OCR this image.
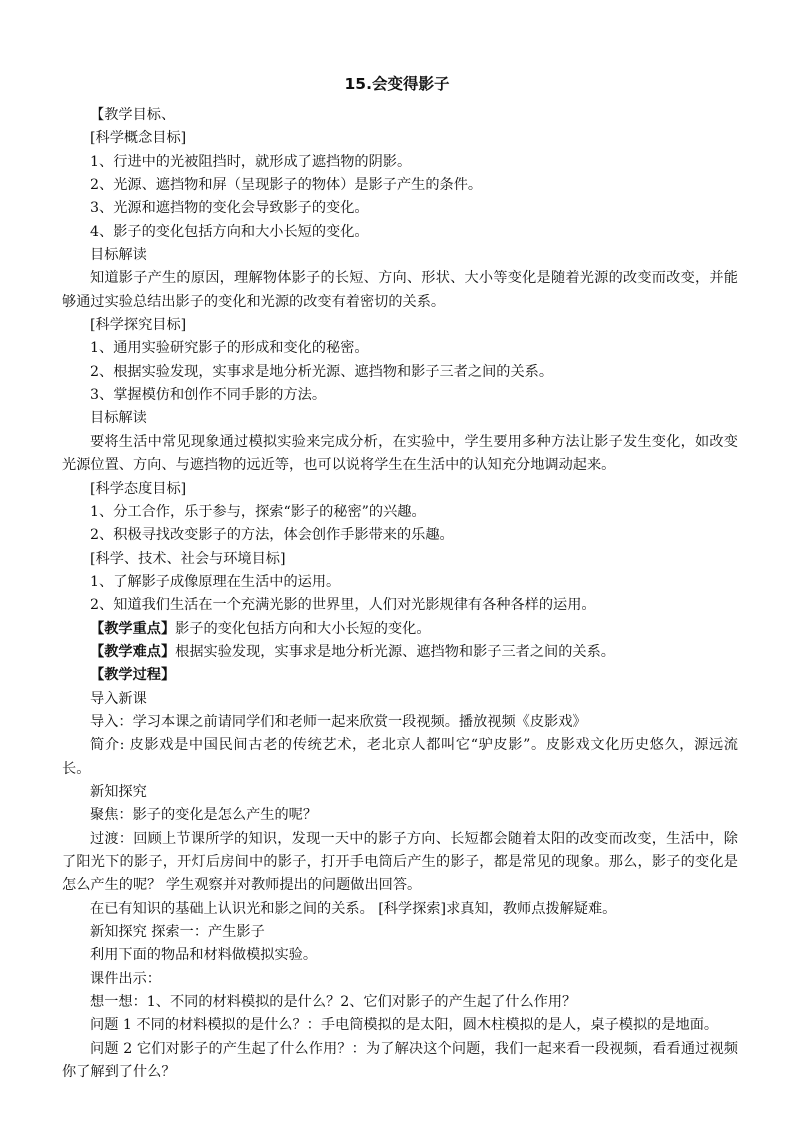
15.会变得影子

【教学目标、

[科学概念目标]

1、行进中的光被阻挡时，就形成了遮挡物的阴影。

2、光源、遮挡物和屏（呈现影子的物体）是影子产生的条件。

3、光源和遮挡物的变化会导致影子的变化。

4、影子的变化包括方向和大小长短的变化。

目标解读

知道影子产生的原因，理解物体影子的长短、方向、形状、大小等变化是随着光源的改变而改变，并能够通过实验总结出影子的变化和光源的改变有着密切的关系。

[科学探究目标]

1、通用实验研究影子的形成和变化的秘密。

2、根据实验发现，实事求是地分析光源、遮挡物和影子三者之间的关系。

3、掌握模仿和创作不同手影的方法。

目标解读

要将生活中常见现象通过模拟实验来完成分析，在实验中，学生要用多种方法让影子发生变化，如改变 光源位置、方向、与遮挡物的远近等，也可以说将学生在生活中的认知充分地调动起来。

[科学态度目标]

1、分工合作，乐于参与，探索“影子的秘密”的兴趣。

2、积极寻找改变影子的方法，体会创作手影带来的乐趣。

[科学、技术、社会与环境目标]

1、了解影子成像原理在生活中的运用。

2、知道我们生活在一个充满光影的世界里，人们对光影规律有各种各样的运用。

【教学重点】影子的变化包括方向和大小长短的变化。

【教学难点】根据实验发现，实事求是地分析光源、遮挡物和影子三者之间的关系。

【教学过程】

导入新课

导入：学习本课之前请同学们和老师一起来欣赏一段视频。播放视频《皮影戏》

简介: 皮影戏是中国民间古老的传统艺术，老北京人都叫它“驴皮影”。皮影戏文化历史悠久，源远流长。

新知探究

聚焦：影子的变化是怎么产生的呢？

过渡：回顾上节课所学的知识，发现一天中的影子方向、长短都会随着太阳的改变而改变，生活中，除了阳光下的影子，开灯后房间中的影子，打开手电筒后产生的影子，都是常见的现象。那么，影子的变化是怎么产生的呢？ 学生观察并对教师提出的问题做出回答。

在已有知识的基础上认识光和影之间的关系。 [科学探索]求真知，教师点拨解疑难。

新知探究 探索一：产生影子

利用下面的物品和材料做模拟实验。

课件出示：

想一想：1、不同的材料模拟的是什么？2、它们对影子的产生起了什么作用？

问题 1 不同的材料模拟的是什么？：手电筒模拟的是太阳，圆木柱模拟的是人，桌子模拟的是地面。

问题 2 它们对影子的产生起了什么作用？：为了解决这个问题，我们一起来看一段视频，看看通过视频你了解到了什么？
